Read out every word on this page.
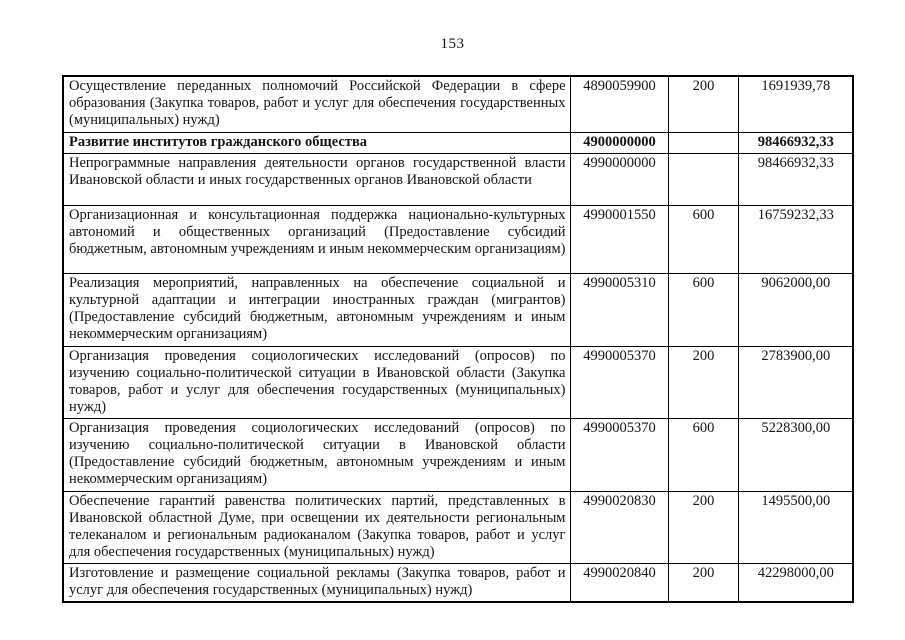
153
Осуществление переданных полномочий Российской Федерации в сфере образования (Закупка товаров, работ и услуг для обеспечения государственных (муниципальных) нужд)	4890059900	200	1691939,78
Развитие институтов гражданского общества	4900000000		98466932,33
Непрограммные направления деятельности органов государственной власти Ивановской области и иных государственных органов Ивановской области	4990000000		98466932,33
Организационная и консультационная поддержка национально-культурных автономий и общественных организаций (Предоставление субсидий бюджетным, автономным учреждениям и иным некоммерческим организациям)	4990001550	600	16759232,33
Реализация мероприятий, направленных на обеспечение социальной и культурной адаптации и интеграции иностранных граждан (мигрантов) (Предоставление субсидий бюджетным, автономным учреждениям и иным некоммерческим организациям)	4990005310	600	9062000,00
Организация проведения социологических исследований (опросов) по изучению социально-политической ситуации в Ивановской области (Закупка товаров, работ и услуг для обеспечения государственных (муниципальных) нужд)	4990005370	200	2783900,00
Организация проведения социологических исследований (опросов) по изучению социально-политической ситуации в Ивановской области (Предоставление субсидий бюджетным, автономным учреждениям и иным некоммерческим организациям)	4990005370	600	5228300,00
Обеспечение гарантий равенства политических партий, представленных в Ивановской областной Думе, при освещении их деятельности региональным телеканалом и региональным радиоканалом (Закупка товаров, работ и услуг для обеспечения государственных (муниципальных) нужд)	4990020830	200	1495500,00
Изготовление и размещение социальной рекламы (Закупка товаров, работ и услуг для обеспечения государственных (муниципальных) нужд)	4990020840	200	42298000,00
